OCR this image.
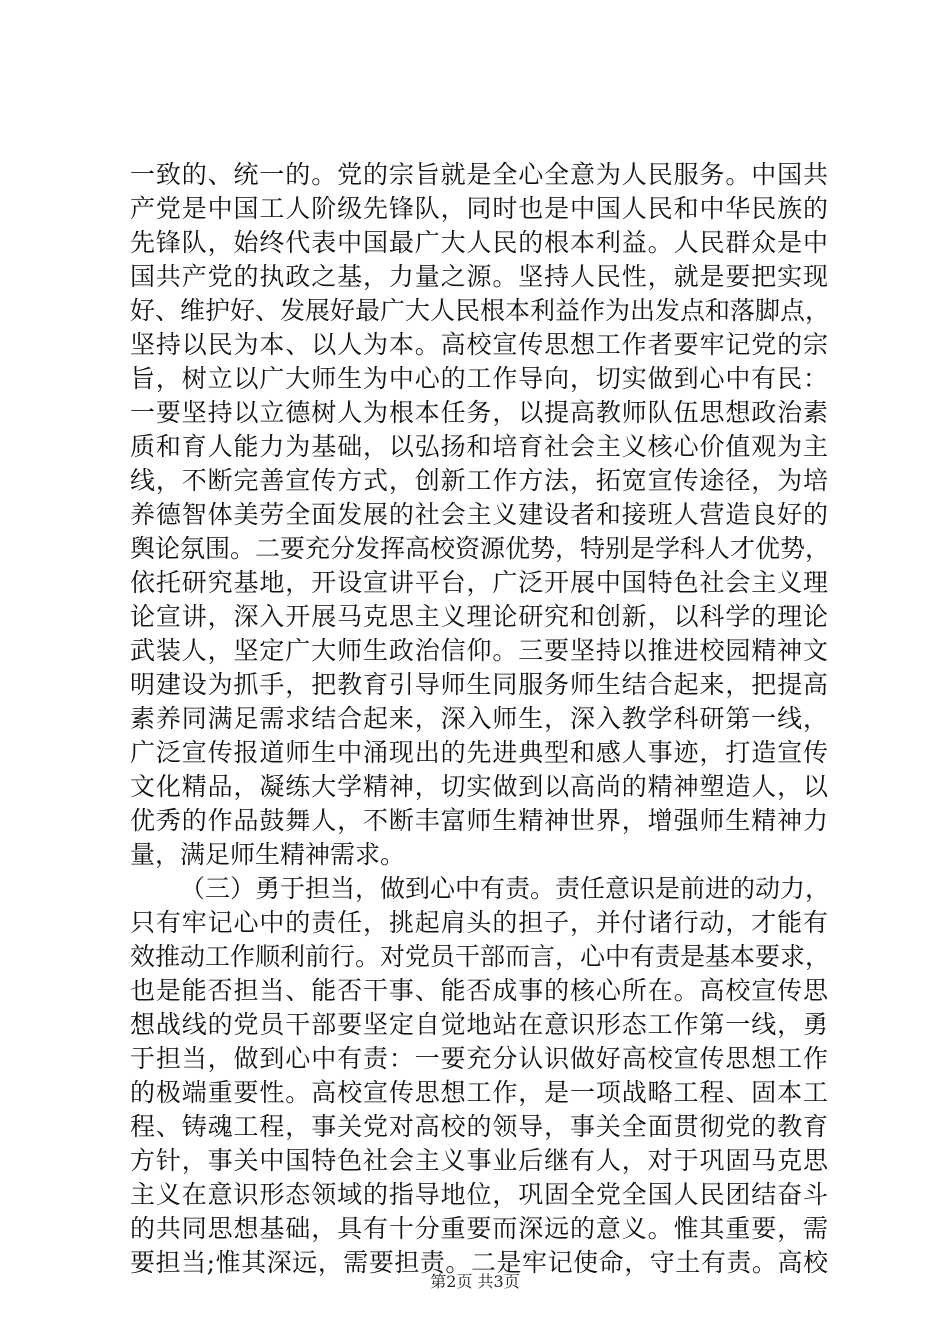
一致的、统一的。党的宗旨就是全心全意为人民服务。中国共
产党是中国工人阶级先锋队，同时也是中国人民和中华民族的
先锋队，始终代表中国最广大人民的根本利益。人民群众是中
国共产党的执政之基，力量之源。坚持人民性，就是要把实现
好、维护好、发展好最广大人民根本利益作为出发点和落脚点，
坚持以民为本、以人为本。高校宣传思想工作者要牢记党的宗
旨，树立以广大师生为中心的工作导向，切实做到心中有民：
一要坚持以立德树人为根本任务，以提高教师队伍思想政治素
质和育人能力为基础，以弘扬和培育社会主义核心价值观为主
线，不断完善宣传方式，创新工作方法，拓宽宣传途径，为培
养德智体美劳全面发展的社会主义建设者和接班人营造良好的
舆论氛围。二要充分发挥高校资源优势，特别是学科人才优势，
依托研究基地，开设宣讲平台，广泛开展中国特色社会主义理
论宣讲，深入开展马克思主义理论研究和创新，以科学的理论
武装人，坚定广大师生政治信仰。三要坚持以推进校园精神文
明建设为抓手，把教育引导师生同服务师生结合起来，把提高
素养同满足需求结合起来，深入师生，深入教学科研第一线，
广泛宣传报道师生中涌现出的先进典型和感人事迹，打造宣传
文化精品，凝练大学精神，切实做到以高尚的精神塑造人，以
优秀的作品鼓舞人，不断丰富师生精神世界，增强师生精神力
量，满足师生精神需求。
（三）勇于担当，做到心中有责。责任意识是前进的动力，
只有牢记心中的责任，挑起肩头的担子，并付诸行动，才能有
效推动工作顺利前行。对党员干部而言，心中有责是基本要求，
也是能否担当、能否干事、能否成事的核心所在。高校宣传思
想战线的党员干部要坚定自觉地站在意识形态工作第一线，勇
于担当，做到心中有责：一要充分认识做好高校宣传思想工作
的极端重要性。高校宣传思想工作，是一项战略工程、固本工
程、铸魂工程，事关党对高校的领导，事关全面贯彻党的教育
方针，事关中国特色社会主义事业后继有人，对于巩固马克思
主义在意识形态领域的指导地位，巩固全党全国人民团结奋斗
的共同思想基础，具有十分重要而深远的意义。惟其重要，需
要担当;惟其深远，需要担责。二是牢记使命，守土有责。高校
第2页 共3页
